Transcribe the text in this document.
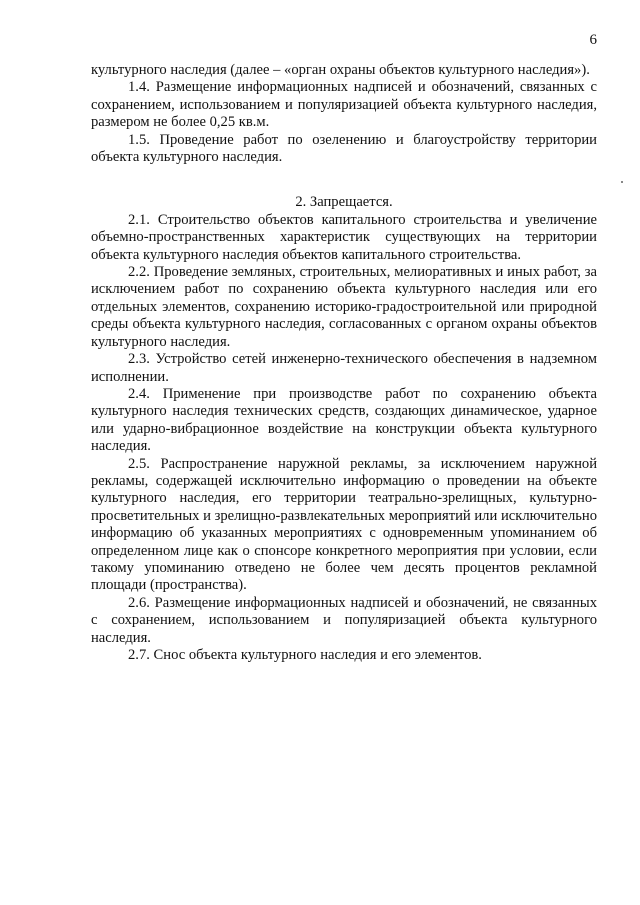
6

культурного наследия (далее – «орган охраны объектов культурного наследия»).

1.4. Размещение информационных надписей и обозначений, связанных с сохранением, использованием и популяризацией объекта культурного наследия, размером не более 0,25 кв.м.

1.5. Проведение работ по озеленению и благоустройству территории объекта культурного наследия.

2. Запрещается.

2.1. Строительство объектов капитального строительства и увеличение объемно-пространственных характеристик существующих на территории объекта культурного наследия объектов капитального строительства.

2.2. Проведение земляных, строительных, мелиоративных и иных работ, за исключением работ по сохранению объекта культурного наследия или его отдельных элементов, сохранению историко-градостроительной или природной среды объекта культурного наследия, согласованных с органом охраны объектов культурного наследия.

2.3. Устройство сетей инженерно-технического обеспечения в надземном исполнении.

2.4. Применение при производстве работ по сохранению объекта культурного наследия технических средств, создающих динамическое, ударное или ударно-вибрационное воздействие на конструкции объекта культурного наследия.

2.5. Распространение наружной рекламы, за исключением наружной рекламы, содержащей исключительно информацию о проведении на объекте культурного наследия, его территории театрально-зрелищных, культурно-просветительных и зрелищно-развлекательных мероприятий или исключительно информацию об указанных мероприятиях с одновременным упоминанием об определенном лице как о спонсоре конкретного мероприятия при условии, если такому упоминанию отведено не более чем десять процентов рекламной площади (пространства).

2.6. Размещение информационных надписей и обозначений, не связанных с сохранением, использованием и популяризацией объекта культурного наследия.

2.7. Снос объекта культурного наследия и его элементов.
